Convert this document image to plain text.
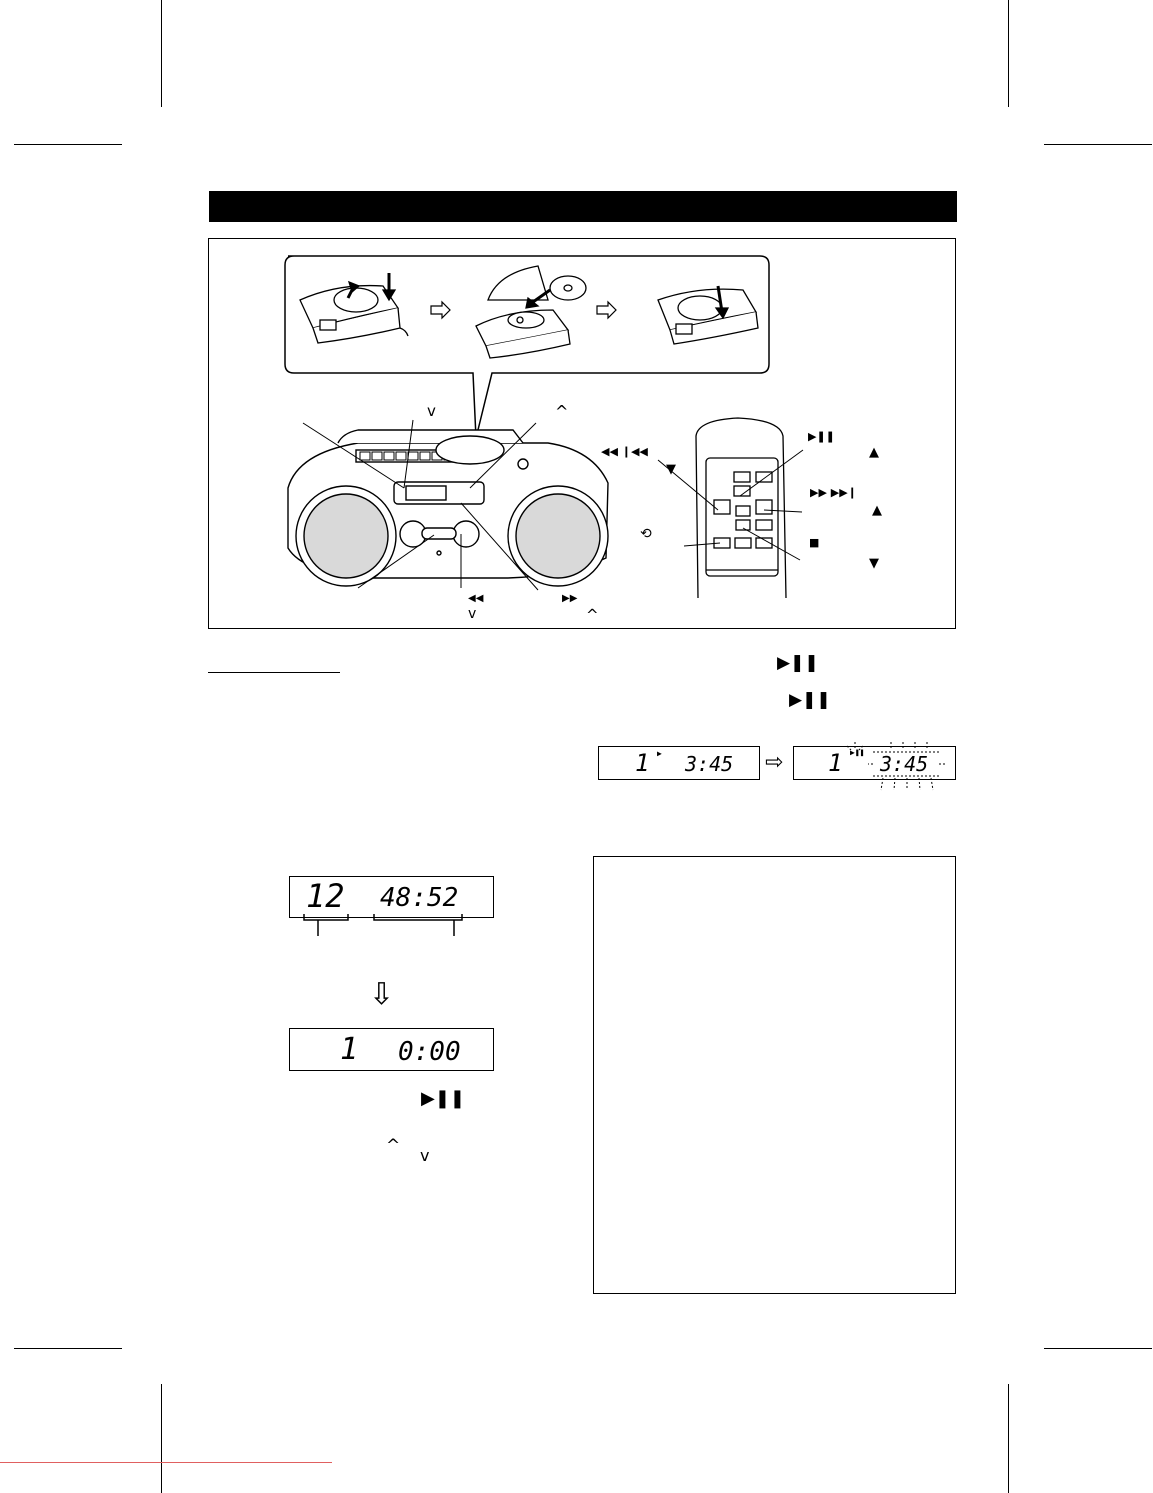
v	^
◀◀ ❙◀◀
▼
▶❚❚
▲
▶▶ ▶▶❙
▲
⟲
■
▼
◀◀
v
▶▶
^
▶❚❚
▶❚❚
1 ▶ 3:45 ⇨ 1 ▶❚❚ 3:45
12 48:52
⇩
1 0:00
▶❚❚
^ v
